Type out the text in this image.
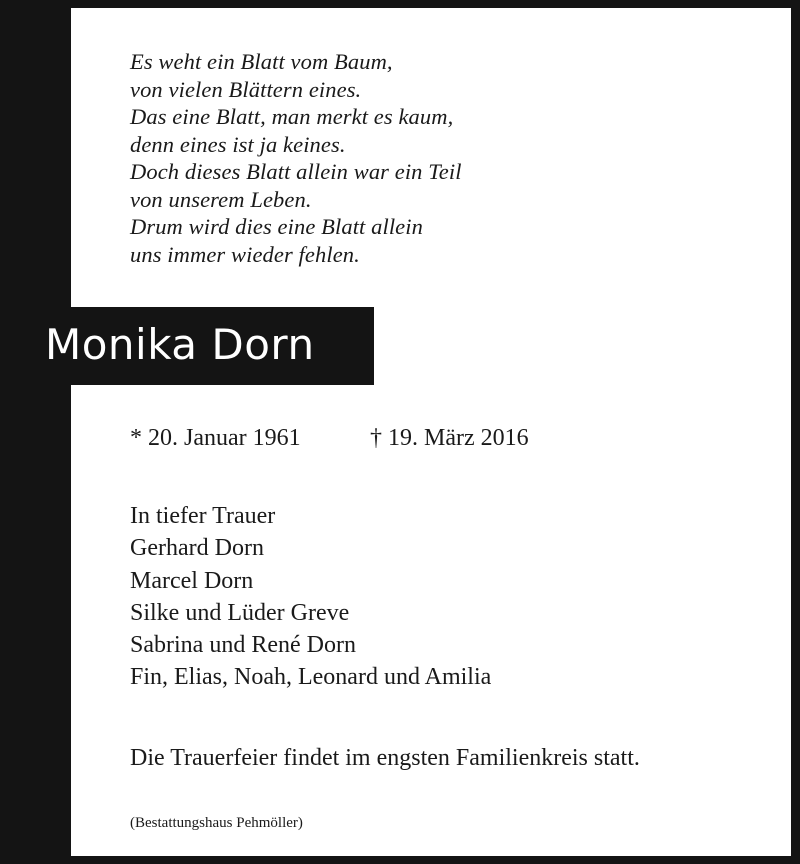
Es weht ein Blatt vom Baum,
von vielen Blättern eines.
Das eine Blatt, man merkt es kaum,
denn eines ist ja keines.
Doch dieses Blatt allein war ein Teil
von unserem Leben.
Drum wird dies eine Blatt allein
uns immer wieder fehlen.
Monika Dorn
* 20. Januar 1961	† 19. März 2016
In tiefer Trauer
Gerhard Dorn
Marcel Dorn
Silke und Lüder Greve
Sabrina und René Dorn
Fin, Elias, Noah, Leonard und Amilia
Die Trauerfeier findet im engsten Familienkreis statt.
(Bestattungshaus Pehmöller)
